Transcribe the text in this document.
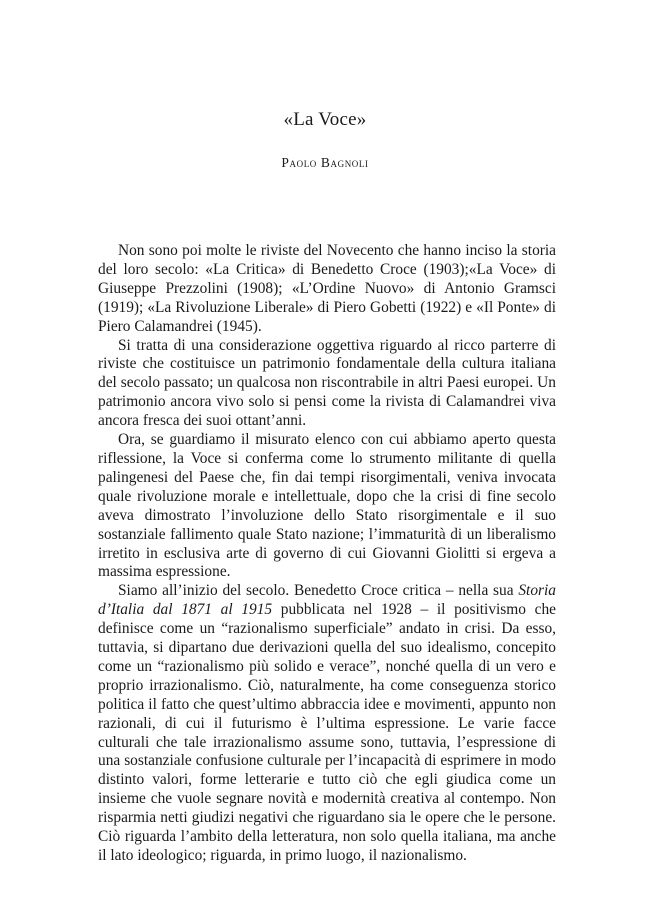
«La Voce»
Paolo Bagnoli

Non sono poi molte le riviste del Novecento che hanno inciso la storia del loro secolo: «La Critica» di Benedetto Croce (1903);«La Voce» di Giuseppe Prezzolini (1908); «L’Ordine Nuovo» di Antonio Gramsci (1919); «La Rivoluzione Liberale» di Piero Gobetti (1922) e «Il Ponte» di Piero Calamandrei (1945).

Si tratta di una considerazione oggettiva riguardo al ricco parterre di riviste che costituisce un patrimonio fondamentale della cultura italiana del secolo passato; un qualcosa non riscontrabile in altri Paesi europei. Un patrimonio ancora vivo solo si pensi come la rivista di Calamandrei viva ancora fresca dei suoi ottant’anni.

Ora, se guardiamo il misurato elenco con cui abbiamo aperto questa riflessione, la Voce si conferma come lo strumento militante di quella palingenesi del Paese che, fin dai tempi risorgimentali, veniva invocata quale rivoluzione morale e intellettuale, dopo che la crisi di fine secolo aveva dimostrato l’involuzione dello Stato risorgimentale e il suo sostanziale fallimento quale Stato nazione; l’immaturità di un liberalismo irretito in esclusiva arte di governo di cui Giovanni Giolitti si ergeva a massima espressione.

Siamo all’inizio del secolo. Benedetto Croce critica – nella sua Storia d’Italia dal 1871 al 1915 pubblicata nel 1928 – il positivismo che definisce come un “razionalismo superficiale” andato in crisi. Da esso, tuttavia, si dipartano due derivazioni quella del suo idealismo, concepito come un “razionalismo più solido e verace”, nonché quella di un vero e proprio irrazionalismo. Ciò, naturalmente, ha come conseguenza storico politica il fatto che quest’ultimo abbraccia idee e movimenti, appunto non razionali, di cui il futurismo è l’ultima espressione. Le varie facce culturali che tale irrazionalismo assume sono, tuttavia, l’espressione di una sostanziale confusione culturale per l’incapacità di esprimere in modo distinto valori, forme letterarie e tutto ciò che egli giudica come un insieme che vuole segnare novità e modernità creativa al contempo. Non risparmia netti giudizi negativi che riguardano sia le opere che le persone. Ciò riguarda l’ambito della letteratura, non solo quella italiana, ma anche il lato ideologico; riguarda, in primo luogo, il nazionalismo.
